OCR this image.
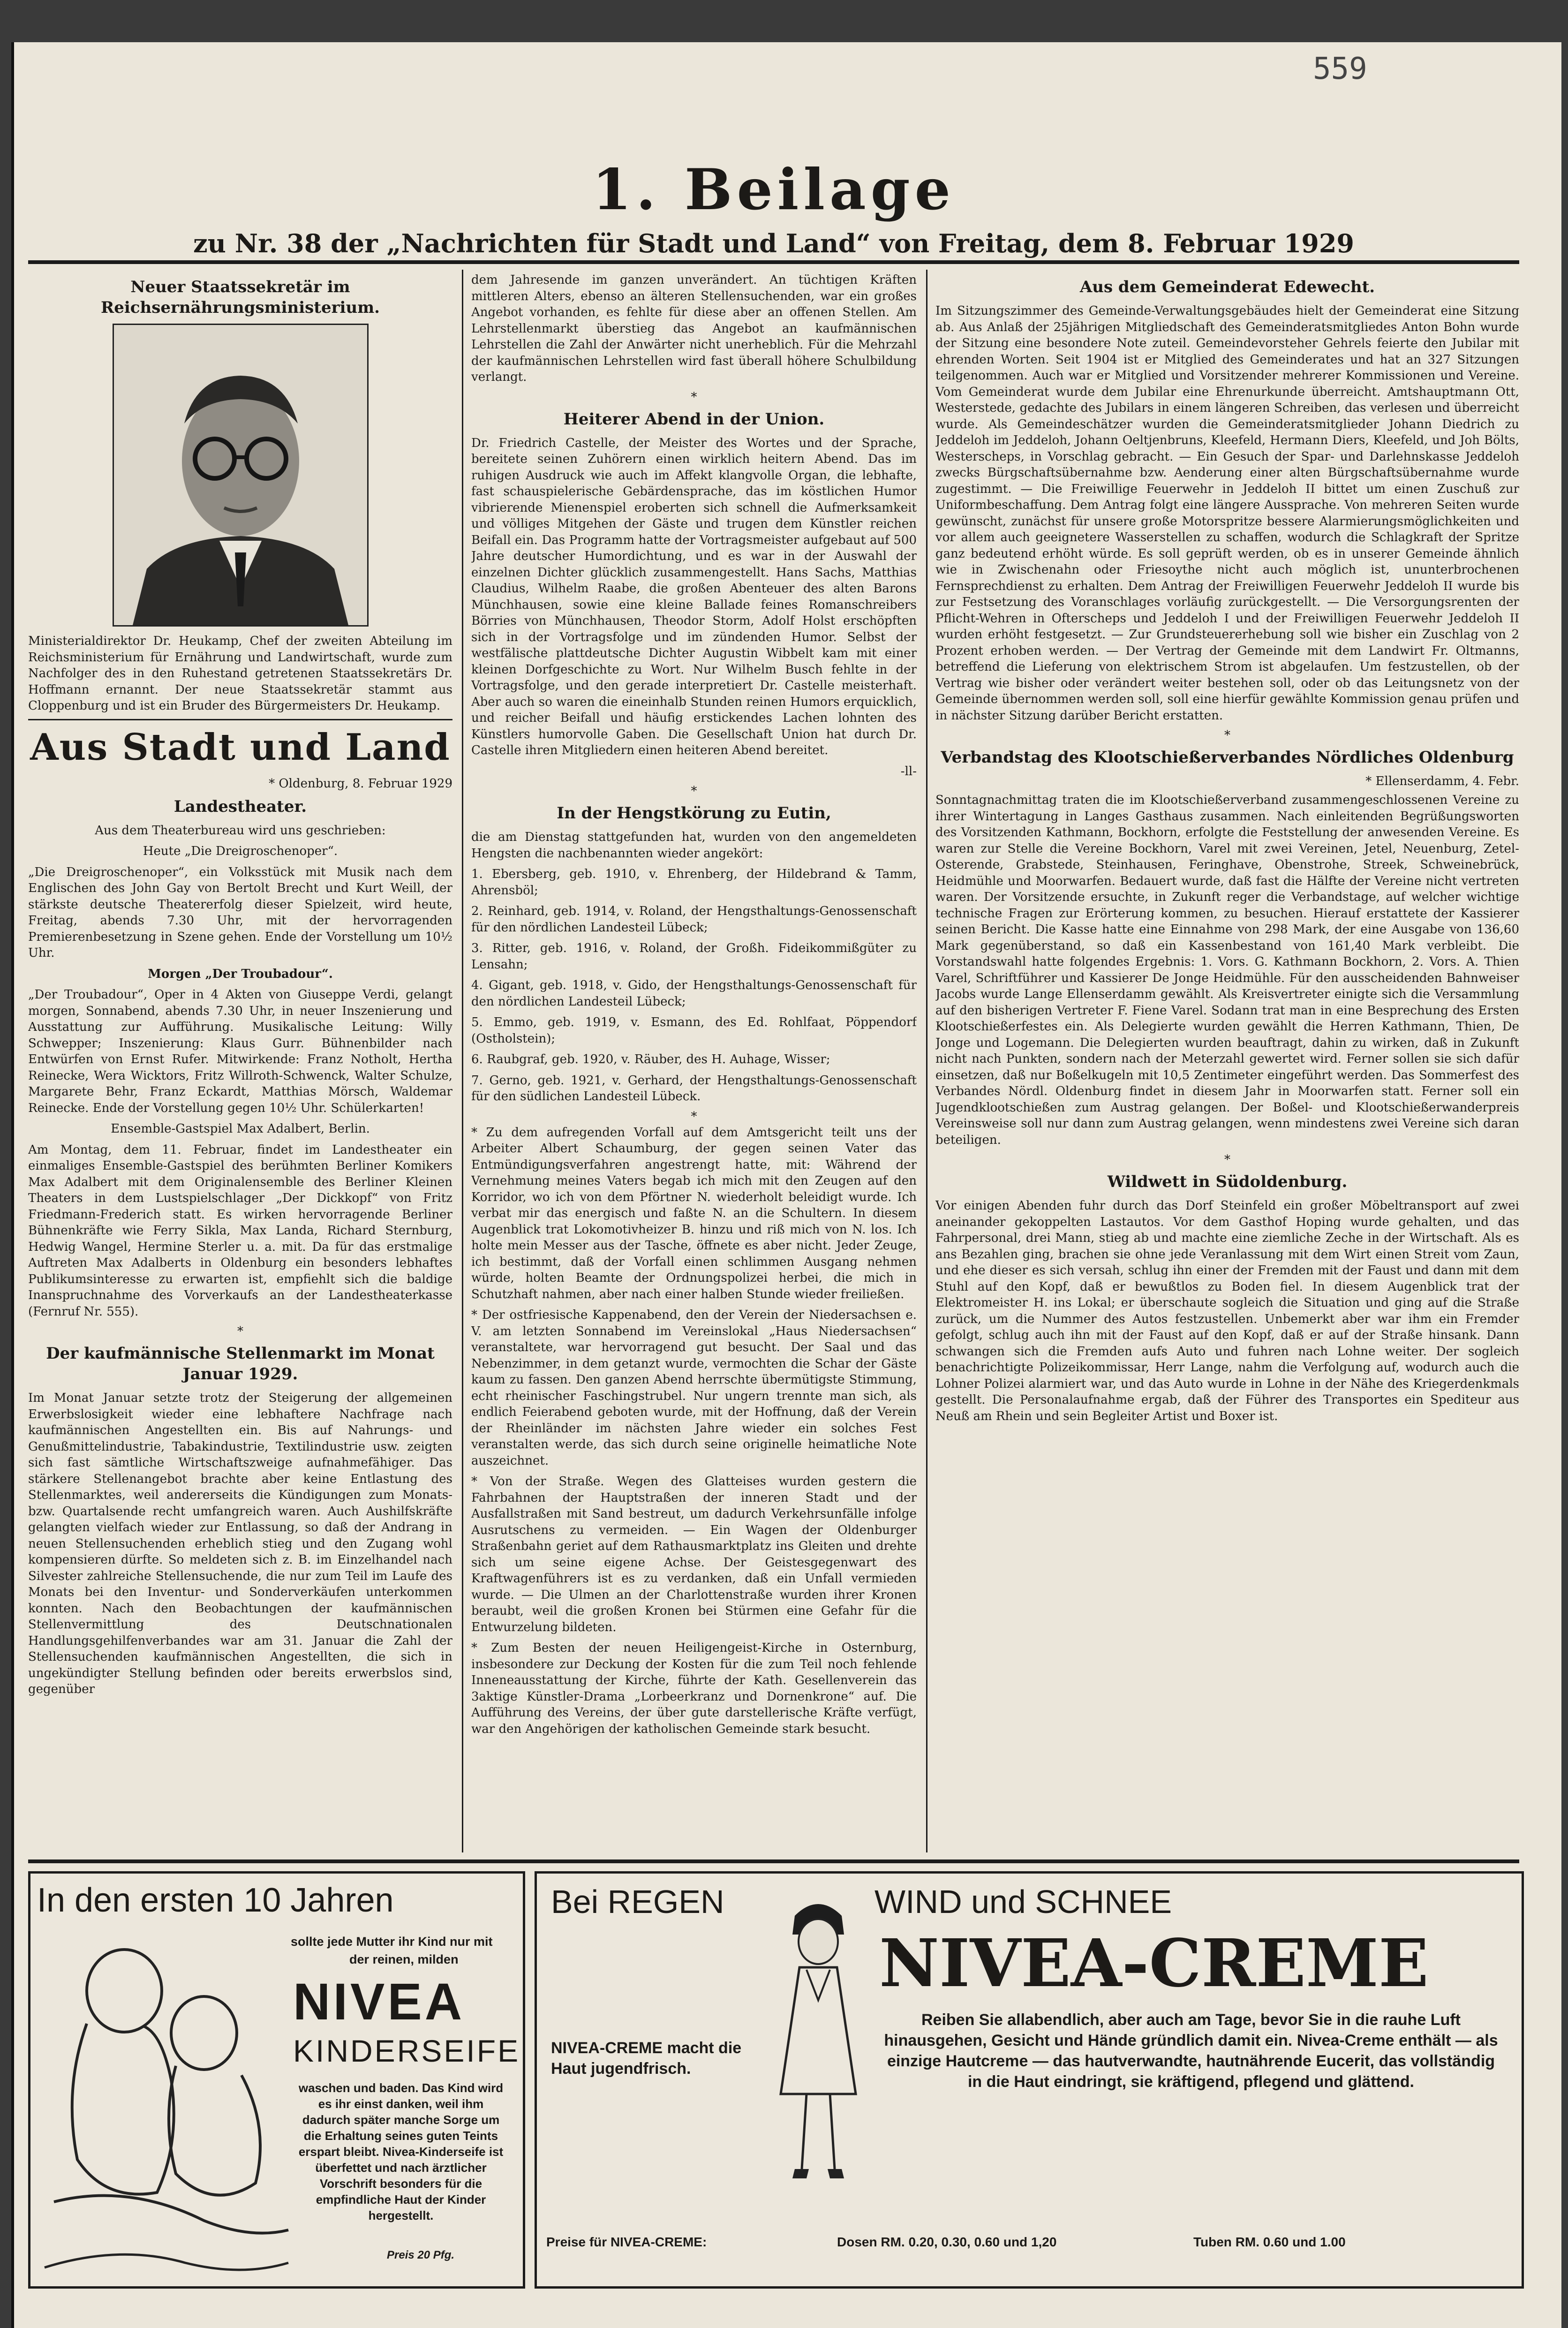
559
1. Beilage
zu Nr. 38 der „Nachrichten für Stadt und Land“ von Freitag, dem 8. Februar 1929
Neuer Staatssekretär im Reichsernährungsministerium.

Ministerialdirektor Dr. Heukamp, Chef der zweiten Abteilung im Reichsministerium für Ernährung und Landwirtschaft, wurde zum Nachfolger des in den Ruhestand getretenen Staatssekretärs Dr. Hoffmann ernannt. Der neue Staatssekretär stammt aus Cloppenburg und ist ein Bruder des Bürgermeisters Dr. Heukamp.

Aus Stadt und Land
* Oldenburg, 8. Februar 1929
Landestheater.

Aus dem Theaterbureau wird uns geschrieben:

Heute „Die Dreigroschenoper“.

„Die Dreigroschenoper“, ein Volksstück mit Musik nach dem Englischen des John Gay von Bertolt Brecht und Kurt Weill, der stärkste deutsche Theatererfolg dieser Spielzeit, wird heute, Freitag, abends 7.30 Uhr, mit der hervorragenden Premierenbesetzung in Szene gehen. Ende der Vorstellung um 10½ Uhr.

Morgen „Der Troubadour“.

„Der Troubadour“, Oper in 4 Akten von Giuseppe Verdi, gelangt morgen, Sonnabend, abends 7.30 Uhr, in neuer Inszenierung und Ausstattung zur Aufführung. Musikalische Leitung: Willy Schwepper; Inszenierung: Klaus Gurr. Bühnenbilder nach Entwürfen von Ernst Rufer. Mitwirkende: Franz Notholt, Hertha Reinecke, Wera Wicktors, Fritz Willroth-Schwenck, Walter Schulze, Margarete Behr, Franz Eckardt, Matthias Mörsch, Waldemar Reinecke. Ende der Vorstellung gegen 10½ Uhr. Schülerkarten!

Ensemble-Gastspiel Max Adalbert, Berlin.

Am Montag, dem 11. Februar, findet im Landestheater ein einmaliges Ensemble-Gastspiel des berühmten Berliner Komikers Max Adalbert mit dem Originalensemble des Berliner Kleinen Theaters in dem Lustspielschlager „Der Dickkopf“ von Fritz Friedmann-Frederich statt. Es wirken hervorragende Berliner Bühnenkräfte wie Ferry Sikla, Max Landa, Richard Sternburg, Hedwig Wangel, Hermine Sterler u. a. mit. Da für das erstmalige Auftreten Max Adalberts in Oldenburg ein besonders lebhaftes Publikumsinteresse zu erwarten ist, empfiehlt sich die baldige Inanspruchnahme des Vorverkaufs an der Landestheaterkasse (Fernruf Nr. 555).

*
Der kaufmännische Stellenmarkt im Monat Januar 1929.

Im Monat Januar setzte trotz der Steigerung der allgemeinen Erwerbslosigkeit wieder eine lebhaftere Nachfrage nach kaufmännischen Angestellten ein. Bis auf Nahrungs- und Genußmittelindustrie, Tabakindustrie, Textilindustrie usw. zeigten sich fast sämtliche Wirtschaftszweige aufnahmefähiger. Das stärkere Stellenangebot brachte aber keine Entlastung des Stellenmarktes, weil andererseits die Kündigungen zum Monats- bzw. Quartalsende recht umfangreich waren. Auch Aushilfskräfte gelangten vielfach wieder zur Entlassung, so daß der Andrang in neuen Stellensuchenden erheblich stieg und den Zugang wohl kompensieren dürfte. So meldeten sich z. B. im Einzelhandel nach Silvester zahlreiche Stellensuchende, die nur zum Teil im Laufe des Monats bei den Inventur- und Sonderverkäufen unterkommen konnten. Nach den Beobachtungen der kaufmännischen Stellenvermittlung des Deutschnationalen Handlungsgehilfenverbandes war am 31. Januar die Zahl der Stellensuchenden kaufmännischen Angestellten, die sich in ungekündigter Stellung befinden oder bereits erwerbslos sind, gegenüber

dem Jahresende im ganzen unverändert. An tüchtigen Kräften mittleren Alters, ebenso an älteren Stellensuchenden, war ein großes Angebot vorhanden, es fehlte für diese aber an offenen Stellen. Am Lehrstellenmarkt überstieg das Angebot an kaufmännischen Lehrstellen die Zahl der Anwärter nicht unerheblich. Für die Mehrzahl der kaufmännischen Lehrstellen wird fast überall höhere Schulbildung verlangt.

*
Heiterer Abend in der Union.

Dr. Friedrich Castelle, der Meister des Wortes und der Sprache, bereitete seinen Zuhörern einen wirklich heitern Abend. Das im ruhigen Ausdruck wie auch im Affekt klangvolle Organ, die lebhafte, fast schauspielerische Gebärdensprache, das im köstlichen Humor vibrierende Mienenspiel eroberten sich schnell die Aufmerksamkeit und völliges Mitgehen der Gäste und trugen dem Künstler reichen Beifall ein. Das Programm hatte der Vortragsmeister aufgebaut auf 500 Jahre deutscher Humordichtung, und es war in der Auswahl der einzelnen Dichter glücklich zusammengestellt. Hans Sachs, Matthias Claudius, Wilhelm Raabe, die großen Abenteuer des alten Barons Münchhausen, sowie eine kleine Ballade feines Romanschreibers Börries von Münchhausen, Theodor Storm, Adolf Holst erschöpften sich in der Vortragsfolge und im zündenden Humor. Selbst der westfälische plattdeutsche Dichter Augustin Wibbelt kam mit einer kleinen Dorfgeschichte zu Wort. Nur Wilhelm Busch fehlte in der Vortragsfolge, und den gerade interpretiert Dr. Castelle meisterhaft. Aber auch so waren die eineinhalb Stunden reinen Humors erquicklich, und reicher Beifall und häufig erstickendes Lachen lohnten des Künstlers humorvolle Gaben. Die Gesellschaft Union hat durch Dr. Castelle ihren Mitgliedern einen heiteren Abend bereitet.

-ll-

*
In der Hengstkörung zu Eutin,

die am Dienstag stattgefunden hat, wurden von den angemeldeten Hengsten die nachbenannten wieder angekört:

1. Ebersberg, geb. 1910, v. Ehrenberg, der Hildebrand & Tamm, Ahrensböl;

2. Reinhard, geb. 1914, v. Roland, der Hengsthaltungs-Genossenschaft für den nördlichen Landesteil Lübeck;

3. Ritter, geb. 1916, v. Roland, der Großh. Fideikommißgüter zu Lensahn;

4. Gigant, geb. 1918, v. Gido, der Hengsthaltungs-Genossenschaft für den nördlichen Landesteil Lübeck;

5. Emmo, geb. 1919, v. Esmann, des Ed. Rohlfaat, Pöppendorf (Ostholstein);

6. Raubgraf, geb. 1920, v. Räuber, des H. Auhage, Wisser;

7. Gerno, geb. 1921, v. Gerhard, der Hengsthaltungs-Genossenschaft für den südlichen Landesteil Lübeck.

*

* Zu dem aufregenden Vorfall auf dem Amtsgericht teilt uns der Arbeiter Albert Schaumburg, der gegen seinen Vater das Entmündigungsverfahren angestrengt hatte, mit: Während der Vernehmung meines Vaters begab ich mich mit den Zeugen auf den Korridor, wo ich von dem Pförtner N. wiederholt beleidigt wurde. Ich verbat mir das energisch und faßte N. an die Schultern. In diesem Augenblick trat Lokomotivheizer B. hinzu und riß mich von N. los. Ich holte mein Messer aus der Tasche, öffnete es aber nicht. Jeder Zeuge, ich bestimmt, daß der Vorfall einen schlimmen Ausgang nehmen würde, holten Beamte der Ordnungspolizei herbei, die mich in Schutzhaft nahmen, aber nach einer halben Stunde wieder freiließen.

* Der ostfriesische Kappenabend, den der Verein der Niedersachsen e. V. am letzten Sonnabend im Vereinslokal „Haus Niedersachsen“ veranstaltete, war hervorragend gut besucht. Der Saal und das Nebenzimmer, in dem getanzt wurde, vermochten die Schar der Gäste kaum zu fassen. Den ganzen Abend herrschte übermütigste Stimmung, echt rheinischer Faschingstrubel. Nur ungern trennte man sich, als endlich Feierabend geboten wurde, mit der Hoffnung, daß der Verein der Rheinländer im nächsten Jahre wieder ein solches Fest veranstalten werde, das sich durch seine originelle heimatliche Note auszeichnet.

* Von der Straße. Wegen des Glatteises wurden gestern die Fahrbahnen der Hauptstraßen der inneren Stadt und der Ausfallstraßen mit Sand bestreut, um dadurch Verkehrsunfälle infolge Ausrutschens zu vermeiden. — Ein Wagen der Oldenburger Straßenbahn geriet auf dem Rathausmarktplatz ins Gleiten und drehte sich um seine eigene Achse. Der Geistesgegenwart des Kraftwagenführers ist es zu verdanken, daß ein Unfall vermieden wurde. — Die Ulmen an der Charlottenstraße wurden ihrer Kronen beraubt, weil die großen Kronen bei Stürmen eine Gefahr für die Entwurzelung bildeten.

* Zum Besten der neuen Heiligengeist-Kirche in Osternburg, insbesondere zur Deckung der Kosten für die zum Teil noch fehlende Inneneausstattung der Kirche, führte der Kath. Gesellenverein das 3aktige Künstler-Drama „Lorbeerkranz und Dornenkrone“ auf. Die Aufführung des Vereins, der über gute darstellerische Kräfte verfügt, war den Angehörigen der katholischen Gemeinde stark besucht.

Aus dem Gemeinderat Edewecht.

Im Sitzungszimmer des Gemeinde-Verwaltungsgebäudes hielt der Gemeinderat eine Sitzung ab. Aus Anlaß der 25jährigen Mitgliedschaft des Gemeinderatsmitgliedes Anton Bohn wurde der Sitzung eine besondere Note zuteil. Gemeindevorsteher Gehrels feierte den Jubilar mit ehrenden Worten. Seit 1904 ist er Mitglied des Gemeinderates und hat an 327 Sitzungen teilgenommen. Auch war er Mitglied und Vorsitzender mehrerer Kommissionen und Vereine. Vom Gemeinderat wurde dem Jubilar eine Ehrenurkunde überreicht. Amtshauptmann Ott, Westerstede, gedachte des Jubilars in einem längeren Schreiben, das verlesen und überreicht wurde. Als Gemeindeschätzer wurden die Gemeinderatsmitglieder Johann Diedrich zu Jeddeloh im Jeddeloh, Johann Oeltjenbruns, Kleefeld, Hermann Diers, Kleefeld, und Joh Bölts, Westerscheps, in Vorschlag gebracht. — Ein Gesuch der Spar- und Darlehnskasse Jeddeloh zwecks Bürgschaftsübernahme bzw. Aenderung einer alten Bürgschaftsübernahme wurde zugestimmt. — Die Freiwillige Feuerwehr in Jeddeloh II bittet um einen Zuschuß zur Uniformbeschaffung. Dem Antrag folgt eine längere Aussprache. Von mehreren Seiten wurde gewünscht, zunächst für unsere große Motorspritze bessere Alarmierungsmöglichkeiten und vor allem auch geeignetere Wasserstellen zu schaffen, wodurch die Schlagkraft der Spritze ganz bedeutend erhöht würde. Es soll geprüft werden, ob es in unserer Gemeinde ähnlich wie in Zwischenahn oder Friesoythe nicht auch möglich ist, ununterbrochenen Fernsprechdienst zu erhalten. Dem Antrag der Freiwilligen Feuerwehr Jeddeloh II wurde bis zur Festsetzung des Voranschlages vorläufig zurückgestellt. — Die Versorgungsrenten der Pflicht-Wehren in Ofterscheps und Jeddeloh I und der Freiwilligen Feuerwehr Jeddeloh II wurden erhöht festgesetzt. — Zur Grundsteuererhebung soll wie bisher ein Zuschlag von 2 Prozent erhoben werden. — Der Vertrag der Gemeinde mit dem Landwirt Fr. Oltmanns, betreffend die Lieferung von elektrischem Strom ist abgelaufen. Um festzustellen, ob der Vertrag wie bisher oder verändert weiter bestehen soll, oder ob das Leitungsnetz von der Gemeinde übernommen werden soll, soll eine hierfür gewählte Kommission genau prüfen und in nächster Sitzung darüber Bericht erstatten.

*
Verbandstag des Klootschießerverbandes Nördliches Oldenburg
* Ellenserdamm, 4. Febr.

Sonntagnachmittag traten die im Klootschießerverband zusammengeschlossenen Vereine zu ihrer Wintertagung in Langes Gasthaus zusammen. Nach einleitenden Begrüßungsworten des Vorsitzenden Kathmann, Bockhorn, erfolgte die Feststellung der anwesenden Vereine. Es waren zur Stelle die Vereine Bockhorn, Varel mit zwei Vereinen, Jetel, Neuenburg, Zetel-Osterende, Grabstede, Steinhausen, Feringhave, Obenstrohe, Streek, Schweinebrück, Heidmühle und Moorwarfen. Bedauert wurde, daß fast die Hälfte der Vereine nicht vertreten waren. Der Vorsitzende ersuchte, in Zukunft reger die Verbandstage, auf welcher wichtige technische Fragen zur Erörterung kommen, zu besuchen. Hierauf erstattete der Kassierer seinen Bericht. Die Kasse hatte eine Einnahme von 298 Mark, der eine Ausgabe von 136,60 Mark gegenüberstand, so daß ein Kassenbestand von 161,40 Mark verbleibt. Die Vorstandswahl hatte folgendes Ergebnis: 1. Vors. G. Kathmann Bockhorn, 2. Vors. A. Thien Varel, Schriftführer und Kassierer De Jonge Heidmühle. Für den ausscheidenden Bahnweiser Jacobs wurde Lange Ellenserdamm gewählt. Als Kreisvertreter einigte sich die Versammlung auf den bisherigen Vertreter F. Fiene Varel. Sodann trat man in eine Besprechung des Ersten Klootschießerfestes ein. Als Delegierte wurden gewählt die Herren Kathmann, Thien, De Jonge und Logemann. Die Delegierten wurden beauftragt, dahin zu wirken, daß in Zukunft nicht nach Punkten, sondern nach der Meterzahl gewertet wird. Ferner sollen sie sich dafür einsetzen, daß nur Boßelkugeln mit 10,5 Zentimeter eingeführt werden. Das Sommerfest des Verbandes Nördl. Oldenburg findet in diesem Jahr in Moorwarfen statt. Ferner soll ein Jugendklootschießen zum Austrag gelangen. Der Boßel- und Klootschießerwanderpreis Vereinsweise soll nur dann zum Austrag gelangen, wenn mindestens zwei Vereine sich daran beteiligen.

*
Wildwett in Südoldenburg.

Vor einigen Abenden fuhr durch das Dorf Steinfeld ein großer Möbeltransport auf zwei aneinander gekoppelten Lastautos. Vor dem Gasthof Hoping wurde gehalten, und das Fahrpersonal, drei Mann, stieg ab und machte eine ziemliche Zeche in der Wirtschaft. Als es ans Bezahlen ging, brachen sie ohne jede Veranlassung mit dem Wirt einen Streit vom Zaun, und ehe dieser es sich versah, schlug ihn einer der Fremden mit der Faust und dann mit dem Stuhl auf den Kopf, daß er bewußtlos zu Boden fiel. In diesem Augenblick trat der Elektromeister H. ins Lokal; er überschaute sogleich die Situation und ging auf die Straße zurück, um die Nummer des Autos festzustellen. Unbemerkt aber war ihm ein Fremder gefolgt, schlug auch ihn mit der Faust auf den Kopf, daß er auf der Straße hinsank. Dann schwangen sich die Fremden aufs Auto und fuhren nach Lohne weiter. Der sogleich benachrichtigte Polizeikommissar, Herr Lange, nahm die Verfolgung auf, wodurch auch die Lohner Polizei alarmiert war, und das Auto wurde in Lohne in der Nähe des Kriegerdenkmals gestellt. Die Personalaufnahme ergab, daß der Führer des Transportes ein Spediteur aus Neuß am Rhein und sein Begleiter Artist und Boxer ist.

In den ersten 10 Jahren
sollte jede Mutter ihr Kind nur mit
der reinen, milden
NIVEA
KINDERSEIFE
waschen und baden. Das Kind wird es ihr einst danken, weil ihm dadurch später manche Sorge um die Erhaltung seines guten Teints erspart bleibt. Nivea-Kinderseife ist überfettet und nach ärztlicher Vorschrift besonders für die empfindliche Haut der Kinder hergestellt.
Preis 20 Pfg.
Bei REGEN	WIND und SCHNEE
NIVEA-CREME
Reiben Sie allabendlich, aber auch am Tage, bevor Sie in die rauhe Luft hinausgehen, Gesicht und Hände gründlich damit ein. Nivea-Creme enthält — als einzige Hautcreme — das hautverwandte, hautnährende Eucerit, das vollständig in die Haut eindringt, sie kräftigend, pflegend und glättend.
NIVEA-CREME macht die Haut jugendfrisch.
Preise für NIVEA-CREME:	Dosen RM. 0.20, 0.30, 0.60 und 1,20	Tuben RM. 0.60 und 1.00
